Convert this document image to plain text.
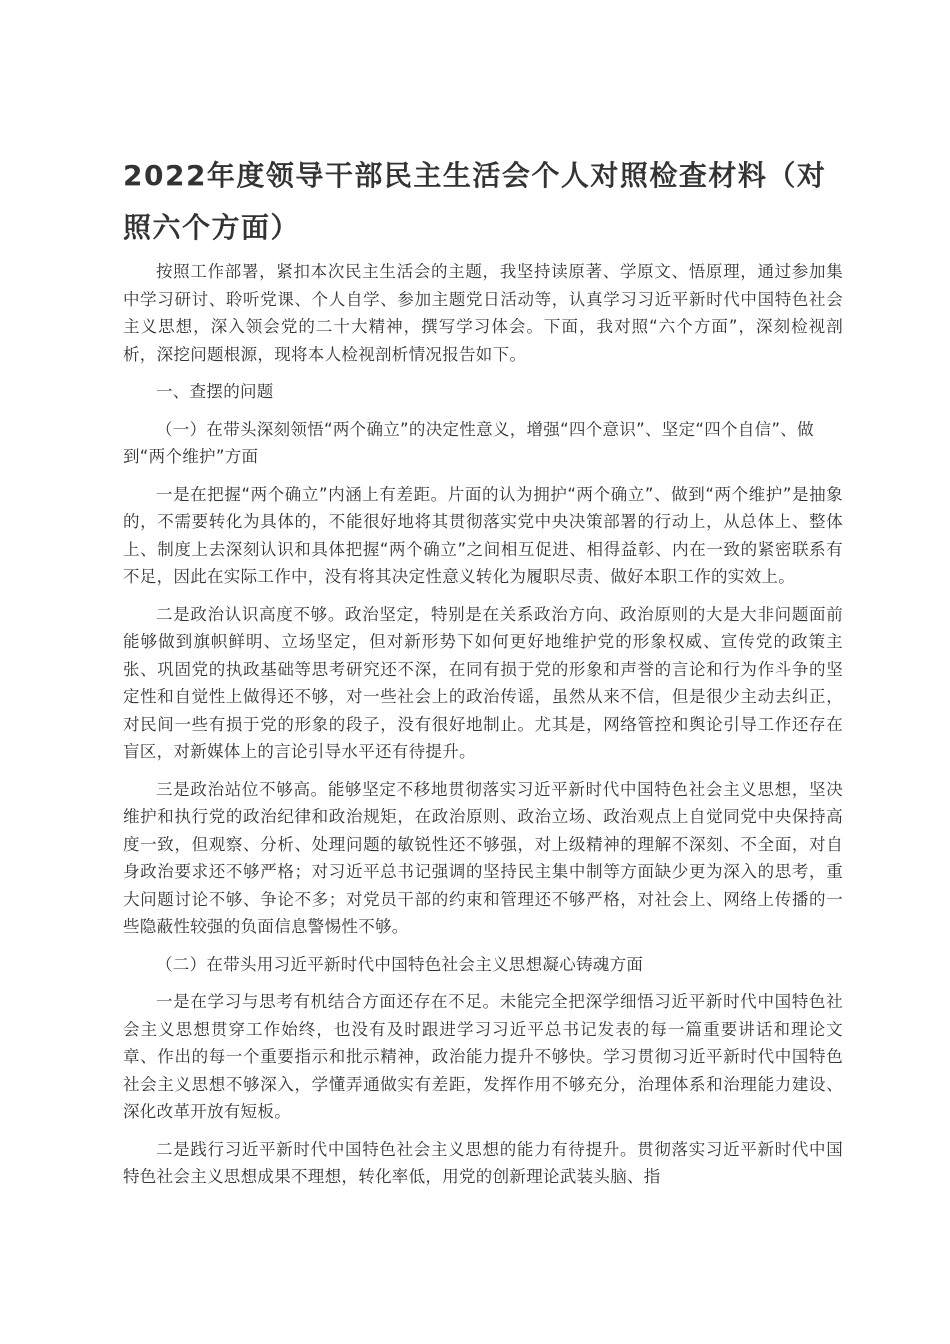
2022年度领导干部民主生活会个人对照检查材料（对照六个方面）

按照工作部署，紧扣本次民主生活会的主题，我坚持读原著、学原文、悟原理，通过参加集中学习研讨、聆听党课、个人自学、参加主题党日活动等，认真学习习近平新时代中国特色社会主义思想，深入领会党的二十大精神，撰写学习体会。下面，我对照“六个方面”，深刻检视剖析，深挖问题根源，现将本人检视剖析情况报告如下。

一、查摆的问题

（一）在带头深刻领悟“两个确立”的决定性意义，增强“四个意识”、坚定“四个自信”、做到“两个维护”方面

一是在把握“两个确立”内涵上有差距。片面的认为拥护“两个确立”、做到“两个维护”是抽象的，不需要转化为具体的，不能很好地将其贯彻落实党中央决策部署的行动上，从总体上、整体上、制度上去深刻认识和具体把握“两个确立”之间相互促进、相得益彰、内在一致的紧密联系有不足，因此在实际工作中，没有将其决定性意义转化为履职尽责、做好本职工作的实效上。

二是政治认识高度不够。政治坚定，特别是在关系政治方向、政治原则的大是大非问题面前能够做到旗帜鲜明、立场坚定，但对新形势下如何更好地维护党的形象权威、宣传党的政策主张、巩固党的执政基础等思考研究还不深，在同有损于党的形象和声誉的言论和行为作斗争的坚定性和自觉性上做得还不够，对一些社会上的政治传谣，虽然从来不信，但是很少主动去纠正，对民间一些有损于党的形象的段子，没有很好地制止。尤其是，网络管控和舆论引导工作还存在盲区，对新媒体上的言论引导水平还有待提升。

三是政治站位不够高。能够坚定不移地贯彻落实习近平新时代中国特色社会主义思想，坚决维护和执行党的政治纪律和政治规矩，在政治原则、政治立场、政治观点上自觉同党中央保持高度一致，但观察、分析、处理问题的敏锐性还不够强，对上级精神的理解不深刻、不全面，对自身政治要求还不够严格；对习近平总书记强调的坚持民主集中制等方面缺少更为深入的思考，重大问题讨论不够、争论不多；对党员干部的约束和管理还不够严格，对社会上、网络上传播的一些隐蔽性较强的负面信息警惕性不够。

（二）在带头用习近平新时代中国特色社会主义思想凝心铸魂方面

一是在学习与思考有机结合方面还存在不足。未能完全把深学细悟习近平新时代中国特色社会主义思想贯穿工作始终，也没有及时跟进学习习近平总书记发表的每一篇重要讲话和理论文章、作出的每一个重要指示和批示精神，政治能力提升不够快。学习贯彻习近平新时代中国特色社会主义思想不够深入，学懂弄通做实有差距，发挥作用不够充分，治理体系和治理能力建设、深化改革开放有短板。

二是践行习近平新时代中国特色社会主义思想的能力有待提升。贯彻落实习近平新时代中国特色社会主义思想成果不理想，转化率低，用党的创新理论武装头脑、指
